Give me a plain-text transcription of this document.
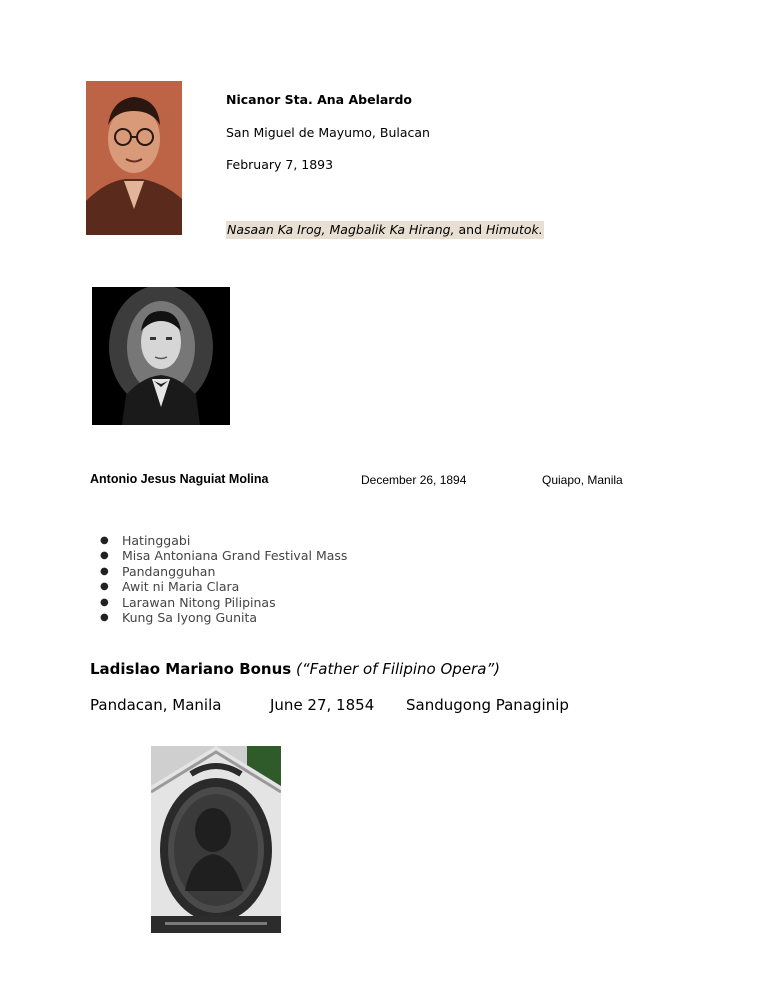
Nicanor Sta. Ana Abelardo
San Miguel de Mayumo, Bulacan
February 7, 1893
Nasaan Ka Irog, Magbalik Ka Hirang, and Himutok.
Antonio Jesus Naguiat Molina	December 26, 1894	Quiapo, Manila
● Hatinggabi
● Misa Antoniana Grand Festival Mass
● Pandangguhan
● Awit ni Maria Clara
● Larawan Nitong Pilipinas
● Kung Sa Iyong Gunita
Ladislao Mariano Bonus (“Father of Filipino Opera”)
Pandacan, Manila	June 27, 1854 Sandugong Panaginip
